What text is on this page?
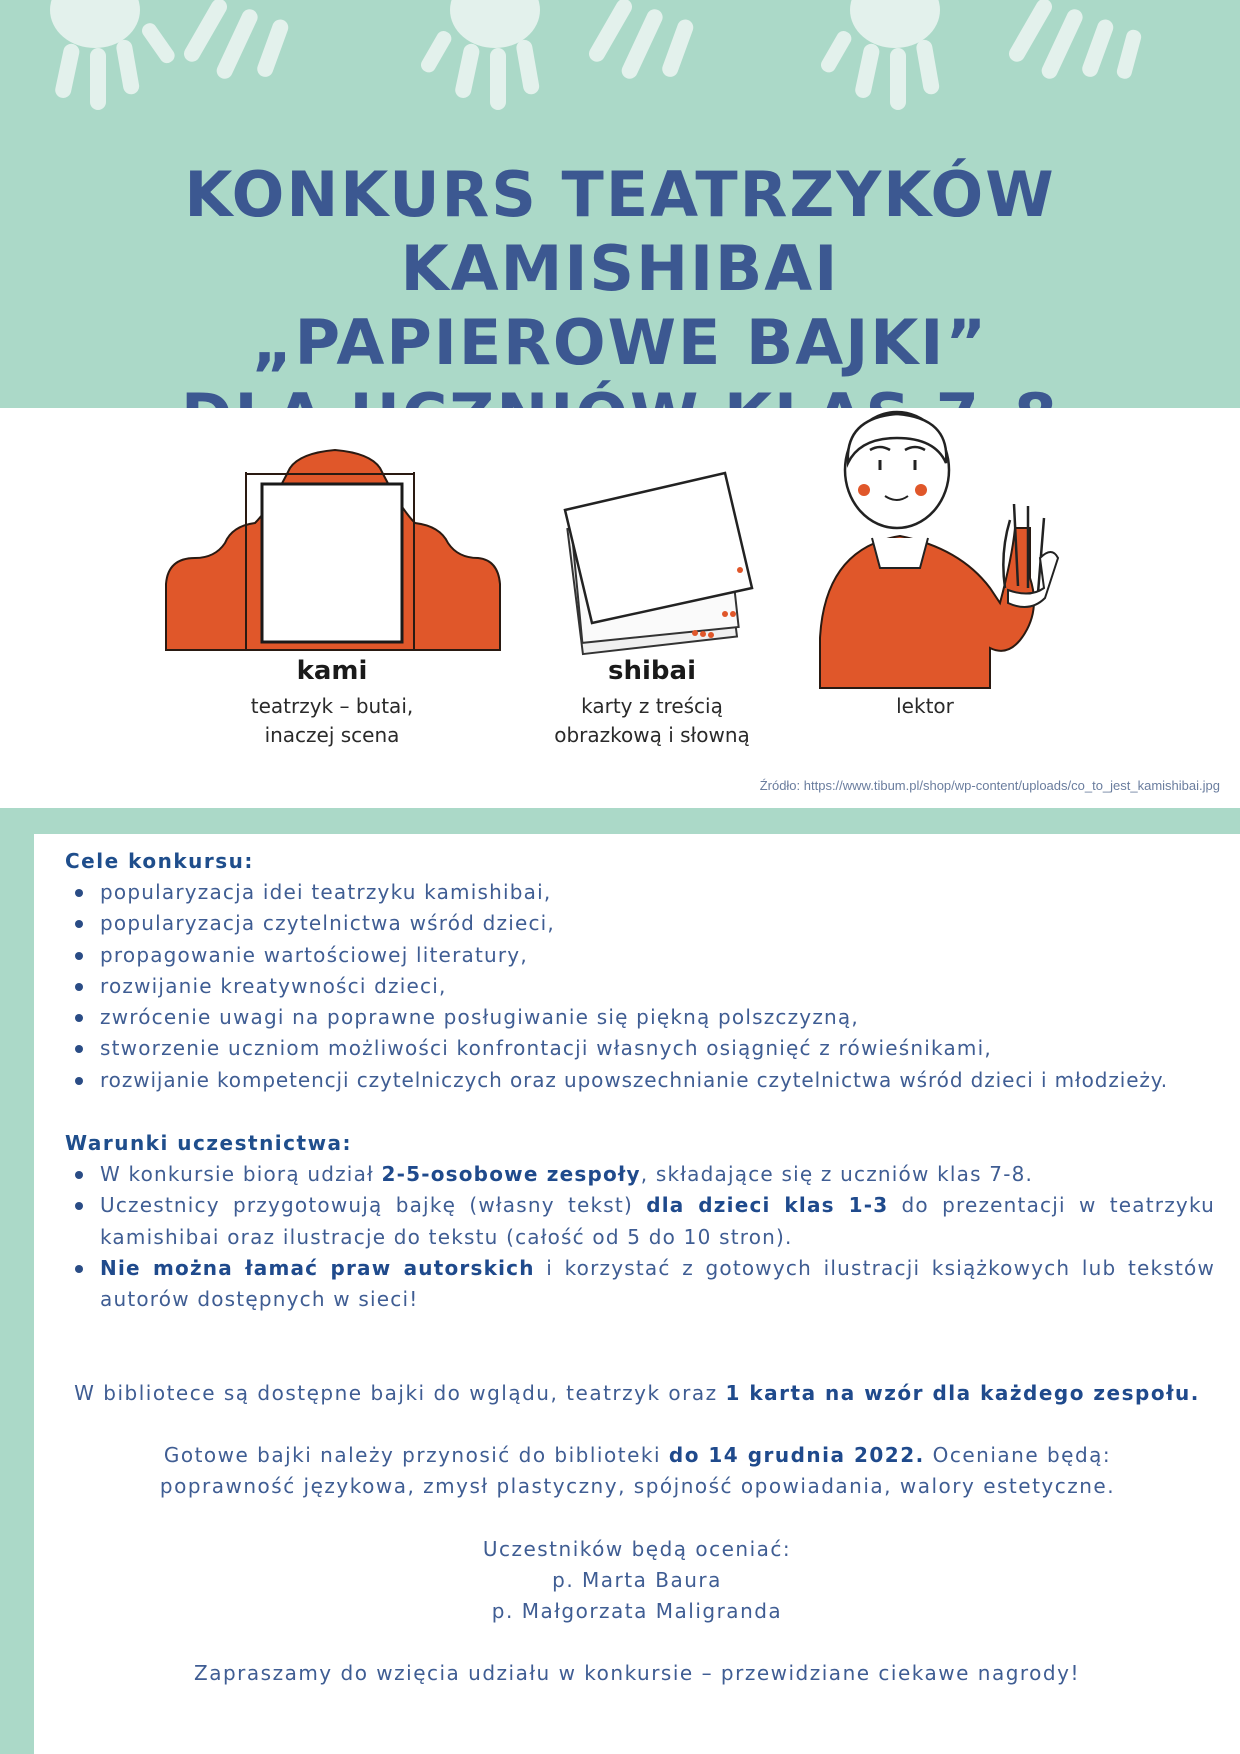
KONKURS TEATRZYKÓW KAMISHIBAI
„PAPIEROWE BAJKI”
kami
teatrzyk – butai,
inaczej scena
shibai
karty z treścią
obrazkową i słowną
lektor
Źródło: https://www.tibum.pl/shop/wp-content/uploads/co_to_jest_kamishibai.jpg
Cele konkursu:
popularyzacja idei teatrzyku kamishibai,
popularyzacja czytelnictwa wśród dzieci,
propagowanie wartościowej literatury,
rozwijanie kreatywności dzieci,
zwrócenie uwagi na poprawne posługiwanie się piękną polszczyzną,
stworzenie uczniom możliwości konfrontacji własnych osiągnięć z rówieśnikami,
rozwijanie kompetencji czytelniczych oraz upowszechnianie czytelnictwa wśród dzieci i młodzieży.
Warunki uczestnictwa:
W konkursie biorą udział 2-5-osobowe zespoły, składające się z uczniów klas 7-8.
Uczestnicy przygotowują bajkę (własny tekst) dla dzieci klas 1-3 do prezentacji w teatrzyku kamishibai oraz ilustracje do tekstu (całość od 5 do 10 stron).
Nie można łamać praw autorskich i korzystać z gotowych ilustracji książkowych lub tekstów autorów dostępnych w sieci!
W bibliotece są dostępne bajki do wglądu, teatrzyk oraz 1 karta na wzór dla każdego zespołu.
Gotowe bajki należy przynosić do biblioteki do 14 grudnia 2022. Oceniane będą: poprawność językowa, zmysł plastyczny, spójność opowiadania, walory estetyczne.
Uczestników będą oceniać:
p. Marta Baura
p. Małgorzata Maligranda
Zapraszamy do wzięcia udziału w konkursie – przewidziane ciekawe nagrody!
